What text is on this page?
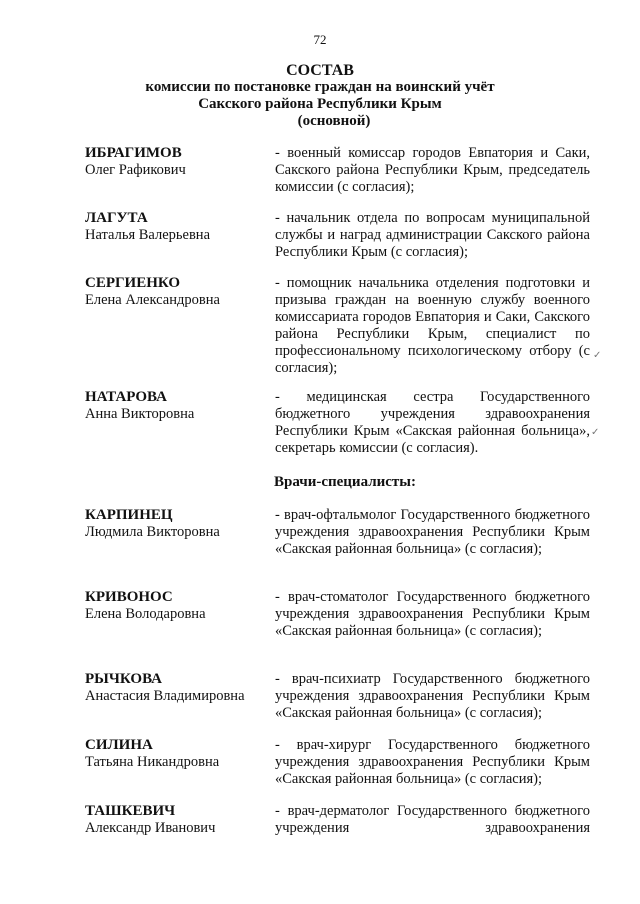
72
СОСТАВ
комиссии по постановке граждан на воинский учёт
Сакского района Республики Крым
(основной)
ИБРАГИМОВ
Олег Рафикович
- военный комиссар городов Евпатория и Саки, Сакского района Республики Крым, председатель комиссии (с согласия);
ЛАГУТА
Наталья Валерьевна
- начальник отдела по вопросам муниципальной службы и наград администрации Сакского района Республики Крым (с согласия);
СЕРГИЕНКО
Елена Александровна
- помощник начальника отделения подготовки и призыва граждан на военную службу военного комиссариата городов Евпатория и Саки, Сакского района Республики Крым, специалист по профессиональному психологическому отбору (с согласия);
НАТАРОВА
Анна Викторовна
- медицинская сестра Государственного бюджетного учреждения здравоохранения Республики Крым «Сакская районная больница», секретарь комиссии (с согласия).
Врачи-специалисты:
КАРПИНЕЦ
Людмила Викторовна
- врач-офтальмолог Государственного бюджетного учреждения здравоохранения Республики Крым «Сакская районная больница» (с согласия);
КРИВОНОС
Елена Володаровна
- врач-стоматолог Государственного бюджетного учреждения здравоохранения Республики Крым «Сакская районная больница» (с согласия);
РЫЧКОВА
Анастасия Владимировна
- врач-психиатр Государственного бюджетного учреждения здравоохранения Республики Крым «Сакская районная больница» (с согласия);
СИЛИНА
Татьяна Никандровна
- врач-хирург Государственного бюджетного учреждения здравоохранения Республики Крым «Сакская районная больница» (с согласия);
ТАШКЕВИЧ
Александр Иванович
- врач-дерматолог Государственного бюджетного учреждения здравоохранения
✓
✓
